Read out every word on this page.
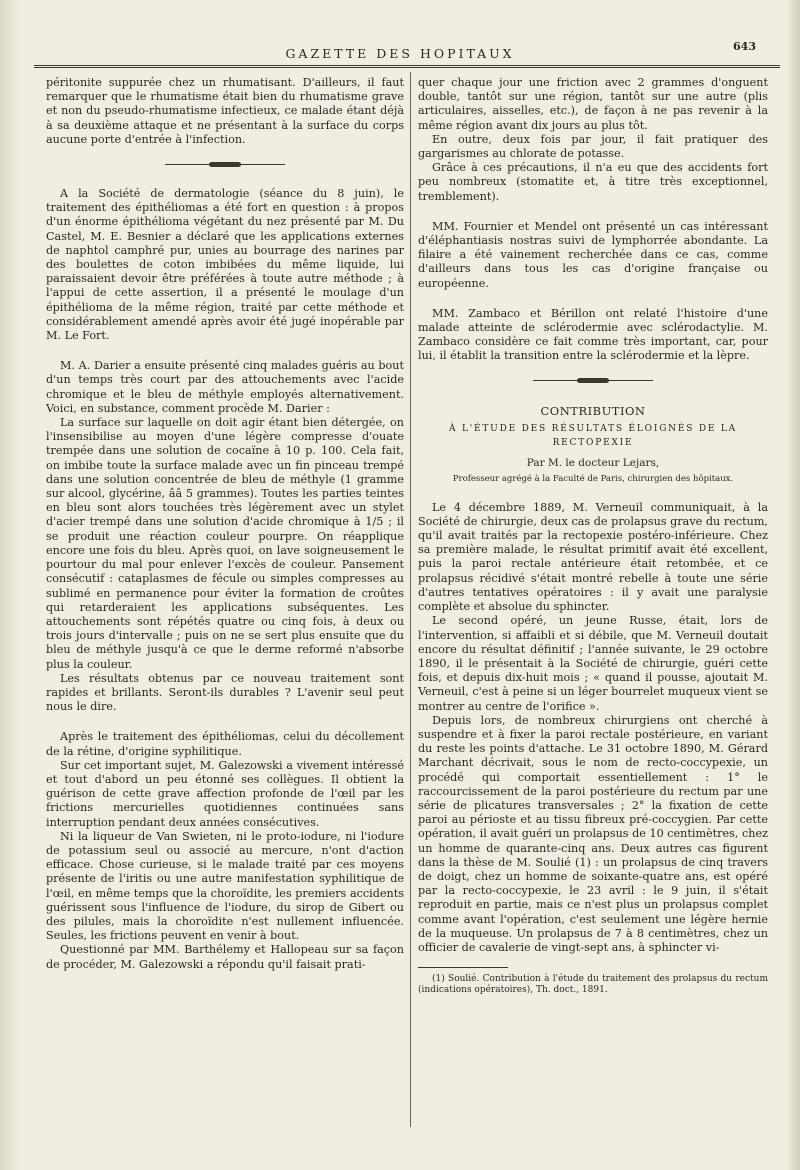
GAZETTE DES HOPITAUX	643

péritonite suppurée chez un rhumatisant. D'ailleurs, il faut remarquer que le rhumatisme était bien du rhumatisme grave et non du pseudo-rhumatisme infectieux, ce malade étant déjà à sa deuxième attaque et ne présentant à la surface du corps aucune porte d'entrée à l'infection.

A la Société de dermatologie (séance du 8 juin), le traitement des épithéliomas a été fort en question : à propos d'un énorme épithélioma végétant du nez présenté par M. Du Castel, M. E. Besnier a déclaré que les applications externes de naphtol camphré pur, unies au bourrage des narines par des boulettes de coton imbibées du même liquide, lui paraissaient devoir être préférées à toute autre méthode ; à l'appui de cette assertion, il a présenté le moulage d'un épithélioma de la même région, traité par cette méthode et considérablement amendé après avoir été jugé inopérable par M. Le Fort.

M. A. Darier a ensuite présenté cinq malades guéris au bout d'un temps très court par des attouchements avec l'acide chromique et le bleu de méthyle employés alternativement. Voici, en substance, comment procède M. Darier :

La surface sur laquelle on doit agir étant bien détergée, on l'insensibilise au moyen d'une légère compresse d'ouate trempée dans une solution de cocaïne à 10 p. 100. Cela fait, on imbibe toute la surface malade avec un fin pinceau trempé dans une solution concentrée de bleu de méthyle (1 gramme sur alcool, glycérine, ââ 5 grammes). Toutes les parties teintes en bleu sont alors touchées très légèrement avec un stylet d'acier trempé dans une solution d'acide chromique à 1/5 ; il se produit une réaction couleur pourpre. On réapplique encore une fois du bleu. Après quoi, on lave soigneusement le pourtour du mal pour enlever l'excès de couleur. Pansement consécutif : cataplasmes de fécule ou simples compresses au sublimé en permanence pour éviter la formation de croûtes qui retarderaient les applications subséquentes. Les attouchements sont répétés quatre ou cinq fois, à deux ou trois jours d'intervalle ; puis on ne se sert plus ensuite que du bleu de méthyle jusqu'à ce que le derme reformé n'absorbe plus la couleur.

Les résultats obtenus par ce nouveau traitement sont rapides et brillants. Seront-ils durables ? L'avenir seul peut nous le dire.

Après le traitement des épithéliomas, celui du décollement de la rétine, d'origine syphilitique.

Sur cet important sujet, M. Galezowski a vivement intéressé et tout d'abord un peu étonné ses collègues. Il obtient la guérison de cette grave affection profonde de l'œil par les frictions mercurielles quotidiennes continuées sans interruption pendant deux années consécutives.

Ni la liqueur de Van Swieten, ni le proto-iodure, ni l'iodure de potassium seul ou associé au mercure, n'ont d'action efficace. Chose curieuse, si le malade traité par ces moyens présente de l'iritis ou une autre manifestation syphilitique de l'œil, en même temps que la choroïdite, les premiers accidents guérissent sous l'influence de l'iodure, du sirop de Gibert ou des pilules, mais la choroïdite n'est nullement influencée. Seules, les frictions peuvent en venir à bout.

Questionné par MM. Barthélemy et Hallopeau sur sa façon de procéder, M. Galezowski a répondu qu'il faisait prati-

quer chaque jour une friction avec 2 grammes d'onguent double, tantôt sur une région, tantôt sur une autre (plis articulaires, aisselles, etc.), de façon à ne pas revenir à la même région avant dix jours au plus tôt.

En outre, deux fois par jour, il fait pratiquer des gargarismes au chlorate de potasse.

Grâce à ces précautions, il n'a eu que des accidents fort peu nombreux (stomatite et, à titre très exceptionnel, tremblement).

MM. Fournier et Mendel ont présenté un cas intéressant d'éléphantiasis nostras suivi de lymphorrée abondante. La filaire a été vainement recherchée dans ce cas, comme d'ailleurs dans tous les cas d'origine française ou européenne.

MM. Zambaco et Bérillon ont relaté l'histoire d'une malade atteinte de sclérodermie avec sclérodactylie. M. Zambaco considère ce fait comme très important, car, pour lui, il établit la transition entre la sclérodermie et la lèpre.

CONTRIBUTION
À L'ÉTUDE DES RÉSULTATS ÉLOIGNÉS DE LA RECTOPEXIE
Par M. le docteur Lejars,
Professeur agrégé à la Faculté de Paris, chirurgien des hôpitaux.

Le 4 décembre 1889, M. Verneuil communiquait, à la Société de chirurgie, deux cas de prolapsus grave du rectum, qu'il avait traités par la rectopexie postéro-inférieure. Chez sa première malade, le résultat primitif avait été excellent, puis la paroi rectale antérieure était retombée, et ce prolapsus récidivé s'était montré rebelle à toute une série d'autres tentatives opératoires : il y avait une paralysie complète et absolue du sphincter.

Le second opéré, un jeune Russe, était, lors de l'intervention, si affaibli et si débile, que M. Verneuil doutait encore du résultat définitif ; l'année suivante, le 29 octobre 1890, il le présentait à la Société de chirurgie, guéri cette fois, et depuis dix-huit mois ; « quand il pousse, ajoutait M. Verneuil, c'est à peine si un léger bourrelet muqueux vient se montrer au centre de l'orifice ».

Depuis lors, de nombreux chirurgiens ont cherché à suspendre et à fixer la paroi rectale postérieure, en variant du reste les points d'attache. Le 31 octobre 1890, M. Gérard Marchant décrivait, sous le nom de recto-coccypexie, un procédé qui comportait essentiellement : 1° le raccourcissement de la paroi postérieure du rectum par une série de plicatures transversales ; 2° la fixation de cette paroi au périoste et au tissu fibreux pré-coccygien. Par cette opération, il avait guéri un prolapsus de 10 centimètres, chez un homme de quarante-cinq ans. Deux autres cas figurent dans la thèse de M. Soulié (1) : un prolapsus de cinq travers de doigt, chez un homme de soixante-quatre ans, est opéré par la recto-coccypexie, le 23 avril : le 9 juin, il s'était reproduit en partie, mais ce n'est plus un prolapsus complet comme avant l'opération, c'est seulement une légère hernie de la muqueuse. Un prolapsus de 7 à 8 centimètres, chez un officier de cavalerie de vingt-sept ans, à sphincter vi-

(1) Soulié. Contribution à l'étude du traitement des prolapsus du rectum (indications opératoires), Th. doct., 1891.
